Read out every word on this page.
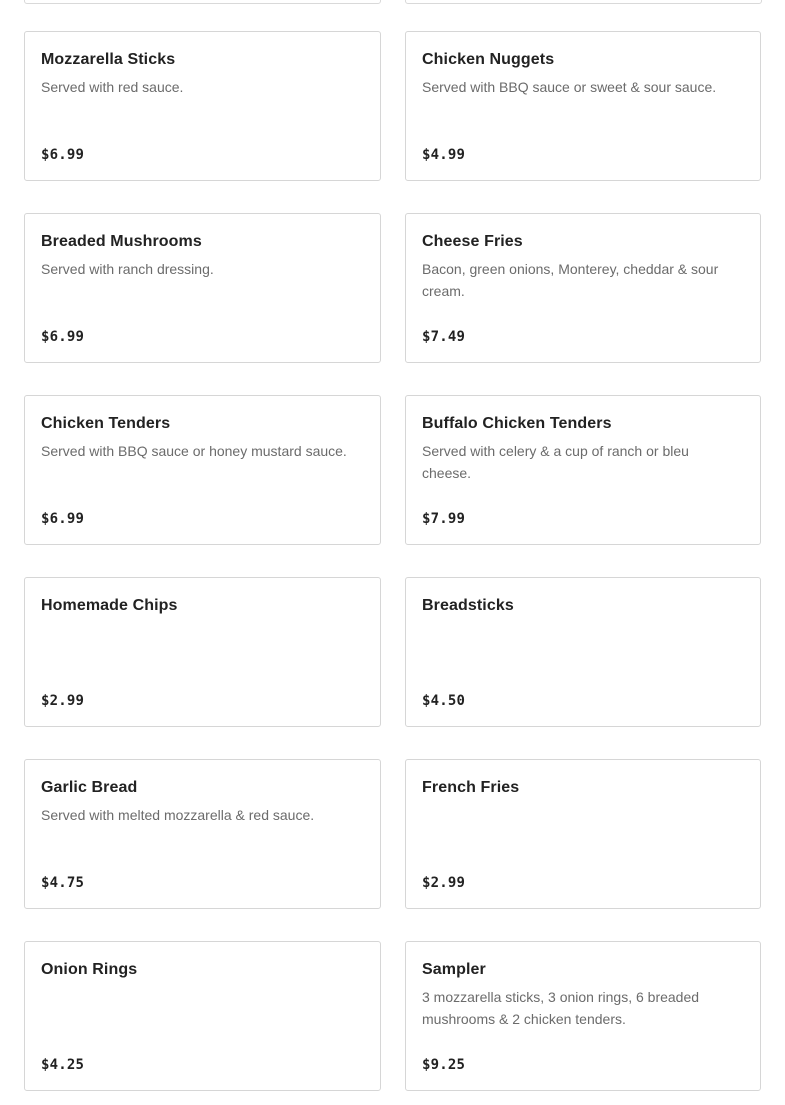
Mozzarella Sticks
Served with red sauce.
$6.99
Chicken Nuggets
Served with BBQ sauce or sweet & sour sauce.
$4.99
Breaded Mushrooms
Served with ranch dressing.
$6.99
Cheese Fries
Bacon, green onions, Monterey, cheddar & sour cream.
$7.49
Chicken Tenders
Served with BBQ sauce or honey mustard sauce.
$6.99
Buffalo Chicken Tenders
Served with celery & a cup of ranch or bleu cheese.
$7.99
Homemade Chips
$2.99
Breadsticks
$4.50
Garlic Bread
Served with melted mozzarella & red sauce.
$4.75
French Fries
$2.99
Onion Rings
$4.25
Sampler
3 mozzarella sticks, 3 onion rings, 6 breaded mushrooms & 2 chicken tenders.
$9.25
